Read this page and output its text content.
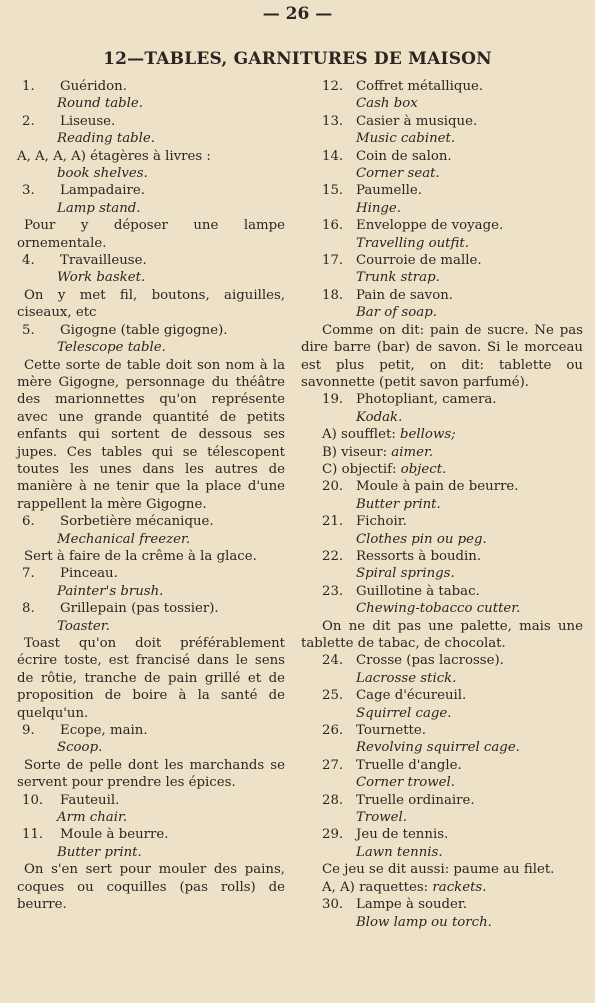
— 26 —
12—TABLES, GARNITURES DE MAISON
1.	Guéridon.
Round table.
2.	Liseuse.
Reading table.
A, A, A, A) étagères à livres :
book shelves.
3.	Lampadaire.
Lamp stand.
Pour y déposer une lampe ornementale.
4.	Travailleuse.
Work basket.
On y met fil, boutons, aiguilles, ciseaux, etc
5.	Gigogne (table gigogne).
Telescope table.
Cette sorte de table doit son nom à la mère Gigogne, personnage du théâtre des marionnettes qu'on représente avec une grande quantité de petits enfants qui sortent de dessous ses jupes. Ces tables qui se télescopent toutes les unes dans les autres de manière à ne tenir que la place d'une rappellent la mère Gigogne.
6.	Sorbetière mécanique.
Mechanical freezer.
Sert à faire de la crême à la glace.
7.	Pinceau.
Painter's brush.
8.	Grillepain (pas tossier).
Toaster.
Toast qu'on doit préférablement écrire toste, est francisé dans le sens de rôtie, tranche de pain grillé et de proposition de boire à la santé de quelqu'un.
9.	Ecope, main.
Scoop.
Sorte de pelle dont les marchands se servent pour prendre les épices.
10.	Fauteuil.
Arm chair.
11.	Moule à beurre.
Butter print.
On s'en sert pour mouler des pains, coques ou coquilles (pas rolls) de beurre.
12. Coffret métallique.
Cash box
13. Casier à musique.
Music cabinet.
14. Coin de salon.
Corner seat.
15. Paumelle.
Hinge.
16. Enveloppe de voyage.
Travelling outfit.
17. Courroie de malle.
Trunk strap.
18. Pain de savon.
Bar of soap.
Comme on dit: pain de sucre. Ne pas dire barre (bar) de savon. Si le morceau est plus petit, on dit: tablette ou savonnette (petit savon parfumé).
19. Photopliant, camera.
Kodak.
A) soufflet: bellows;
B) viseur: aimer.
C) objectif: object.
20. Moule à pain de beurre.
Butter print.
21. Fichoir.
Clothes pin ou peg.
22. Ressorts à boudin.
Spiral springs.
23. Guillotine à tabac.
Chewing-tobacco cutter.
On ne dit pas une palette, mais une tablette de tabac, de chocolat.
24. Crosse (pas lacrosse).
Lacrosse stick.
25. Cage d'écureuil.
Squirrel cage.
26. Tournette.
Revolving squirrel cage.
27. Truelle d'angle.
Corner trowel.
28. Truelle ordinaire.
Trowel.
29. Jeu de tennis.
Lawn tennis.
Ce jeu se dit aussi: paume au filet.
A, A) raquettes: rackets.
30. Lampe à souder.
Blow lamp ou torch.
